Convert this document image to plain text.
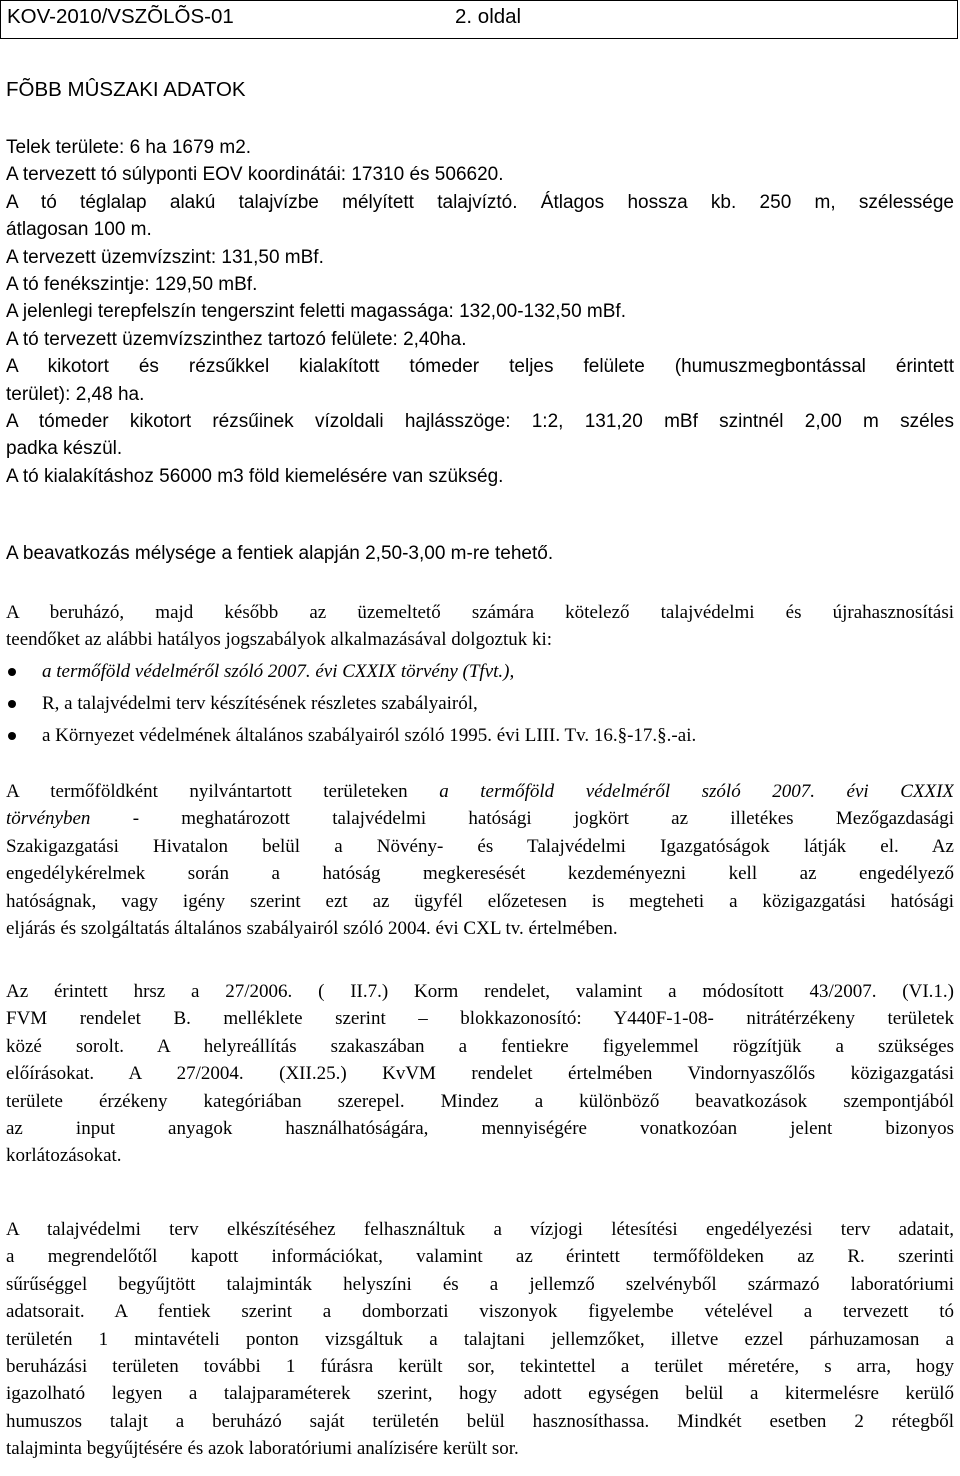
KOV-2010/VSZÕLÕS-01	2. oldal
FÕBB MÛSZAKI ADATOK
Telek területe: 6 ha 1679 m2.
A tervezett tó súlyponti EOV koordinátái: 17310 és 506620.
A tó téglalap alakú talajvízbe mélyített talajvíztó. Átlagos hossza kb. 250 m, szélessége
átlagosan 100 m.
A tervezett üzemvízszint: 131,50 mBf.
A tó fenékszintje: 129,50 mBf.
A jelenlegi terepfelszín tengerszint feletti magassága: 132,00-132,50 mBf.
A tó tervezett üzemvízszinthez tartozó felülete: 2,40ha.
A kikotort és rézsűkkel kialakított tómeder teljes felülete (humuszmegbontással érintett
terület): 2,48 ha.
A tómeder kikotort rézsűinek vízoldali hajlásszöge: 1:2, 131,20 mBf szintnél 2,00 m széles
padka készül.
A tó kialakításhoz 56000 m3 föld kiemelésére van szükség.
A beavatkozás mélysége a fentiek alapján 2,50-3,00 m-re tehető.
A beruházó, majd később az üzemeltető számára kötelező talajvédelmi és újrahasznosítási
teendőket az alábbi hatályos jogszabályok alkalmazásával dolgoztuk ki:
a termőföld védelméről szóló 2007. évi CXXIX törvény (Tfvt.),
R, a talajvédelmi terv készítésének részletes szabályairól,
a Környezet védelmének általános szabályairól szóló 1995. évi LIII. Tv. 16.§-17.§.-ai.
A termőföldként nyilvántartott területeken a termőföld védelméről szóló 2007. évi CXXIX
törvényben - meghatározott talajvédelmi hatósági jogkört az illetékes Mezőgazdasági
Szakigazgatási Hivatalon belül a Növény- és Talajvédelmi Igazgatóságok látják el. Az
engedélykérelmek során a hatóság megkeresését kezdeményezni kell az engedélyező
hatóságnak, vagy igény szerint ezt az ügyfél előzetesen is megteheti a közigazgatási hatósági
eljárás és szolgáltatás általános szabályairól szóló 2004. évi CXL tv. értelmében.
Az érintett hrsz a 27/2006. ( II.7.) Korm rendelet, valamint a módosított 43/2007. (VI.1.)
FVM rendelet B. melléklete szerint – blokkazonosító: Y440F-1-08- nitrátérzékeny területek
közé sorolt. A helyreállítás szakaszában a fentiekre figyelemmel rögzítjük a szükséges
előírásokat. A 27/2004. (XII.25.) KvVM rendelet értelmében Vindornyaszőlős közigazgatási
területe érzékeny kategóriában szerepel. Mindez a különböző beavatkozások szempontjából
az input anyagok használhatóságára, mennyiségére vonatkozóan jelent bizonyos
korlátozásokat.
A talajvédelmi terv elkészítéséhez felhasználtuk a vízjogi létesítési engedélyezési terv adatait,
a megrendelőtől kapott információkat, valamint az érintett termőföldeken az R. szerinti
sűrűséggel begyűjtött talajminták helyszíni és a jellemző szelvényből származó laboratóriumi
adatsorait. A fentiek szerint a domborzati viszonyok figyelembe vételével a tervezett tó
területén 1 mintavételi ponton vizsgáltuk a talajtani jellemzőket, illetve ezzel párhuzamosan a
beruházási területen további 1 fúrásra került sor, tekintettel a terület méretére, s arra, hogy
igazolható legyen a talajparaméterek szerint, hogy adott egységen belül a kitermelésre kerülő
humuszos talajt a beruházó saját területén belül hasznosíthassa. Mindkét esetben 2 rétegből
talajminta begyűjtésére és azok laboratóriumi analízisére került sor.
